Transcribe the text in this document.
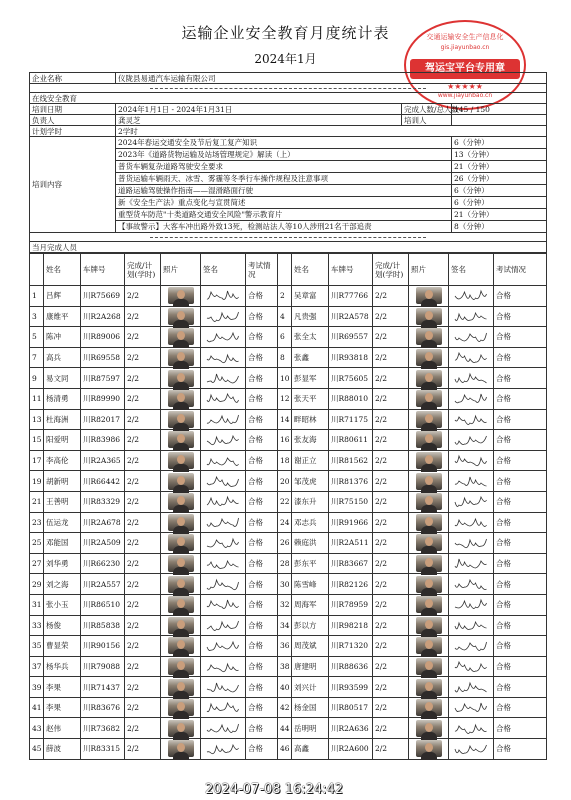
运输企业安全教育月度统计表
2024年1月
交通运输安全生产信息化
gis.jiayunbao.cn
驾运宝平台专用章
★★★★★
www.jiayunbao.cn
企业名称	仪陇县易通汽车运输有限公司		

在线安全教育			
培训日期	2024年1月1日 - 2024年1月31日	完成人数/总人数	145 / 150
负责人	龚灵芝	培训人	
计划学时	2学时		
培训内容	2024年春运交通安全及节后复工复产知识		6（分钟）
	2023年《道路货物运输及站场管理规定》解读（上）		13（分钟）
	普货车辆复杂道路驾驶安全要求		21（分钟）
	普货运输车辆雨天、冰雪、雾霾等冬季行车操作规程及注意事项		26（分钟）
	道路运输驾驶操作指南——湿滑路面行驶		6（分钟）
	新《安全生产法》重点变化与宣贯简述		6（分钟）
	重型货车防范"十类道路交通安全风险"警示教育片		21（分钟）
	【事故警示】大客车冲出路外致13死，检测站法人等10人涉刑21名干部追责		8（分钟）

当月完成人员			
	姓名	车牌号	完成/计划(学时)	照片	签名	考试情况		姓名	车牌号	完成/计划(学时)	照片	签名	考试情况
1	吕辉	川R75669	2/2			合格	2	吴章富	川R77766	2/2			合格
3	康维平	川R2A268	2/2			合格	4	凡贵强	川R2A578	2/2			合格
5	陈冲	川R89006	2/2			合格	6	张全太	川R69557	2/2			合格
7	高兵	川R69558	2/2			合格	8	张鑫	川R93818	2/2			合格
9	易文同	川R87597	2/2			合格	10	彭显军	川R75605	2/2			合格
11	杨清勇	川R89990	2/2			合格	12	张天平	川R88010	2/2			合格
13	杜海洲	川R82017	2/2			合格	14	畔昭林	川R71175	2/2			合格
15	阳爱明	川R83986	2/2			合格	16	张友海	川R80611	2/2			合格
17	李高伦	川R2A365	2/2			合格	18	谢正立	川R81562	2/2			合格
19	胡新明	川R66442	2/2			合格	20	邹茂虎	川R81376	2/2			合格
21	王善明	川R83329	2/2			合格	22	漆东升	川R75150	2/2			合格
23	伍运龙	川R2A678	2/2			合格	24	邓志兵	川R91966	2/2			合格
25	邓能国	川R2A509	2/2			合格	26	赖庭洪	川R2A511	2/2			合格
27	刘华勇	川R66230	2/2			合格	28	彭东平	川R83667	2/2			合格
29	刘之海	川R2A557	2/2			合格	30	陈雪峰	川R82126	2/2			合格
31	张小玉	川R86510	2/2			合格	32	周海军	川R78959	2/2			合格
33	杨俊	川R85838	2/2			合格	34	彭以方	川R98218	2/2			合格
35	曹显荣	川R90156	2/2			合格	36	周茂斌	川R71320	2/2			合格
37	杨华兵	川R79088	2/2			合格	38	唐建明	川R88636	2/2			合格
39	李果	川R71437	2/2			合格	40	刘兴计	川R93599	2/2			合格
41	李果	川R83676	2/2			合格	42	杨金国	川R80517	2/2			合格
43	赵伟	川R73682	2/2			合格	44	岳明明	川R2A636	2/2			合格
45	薛波	川R83315	2/2			合格	46	高鑫	川R2A600	2/2			合格
2024-07-08 16:24:42
